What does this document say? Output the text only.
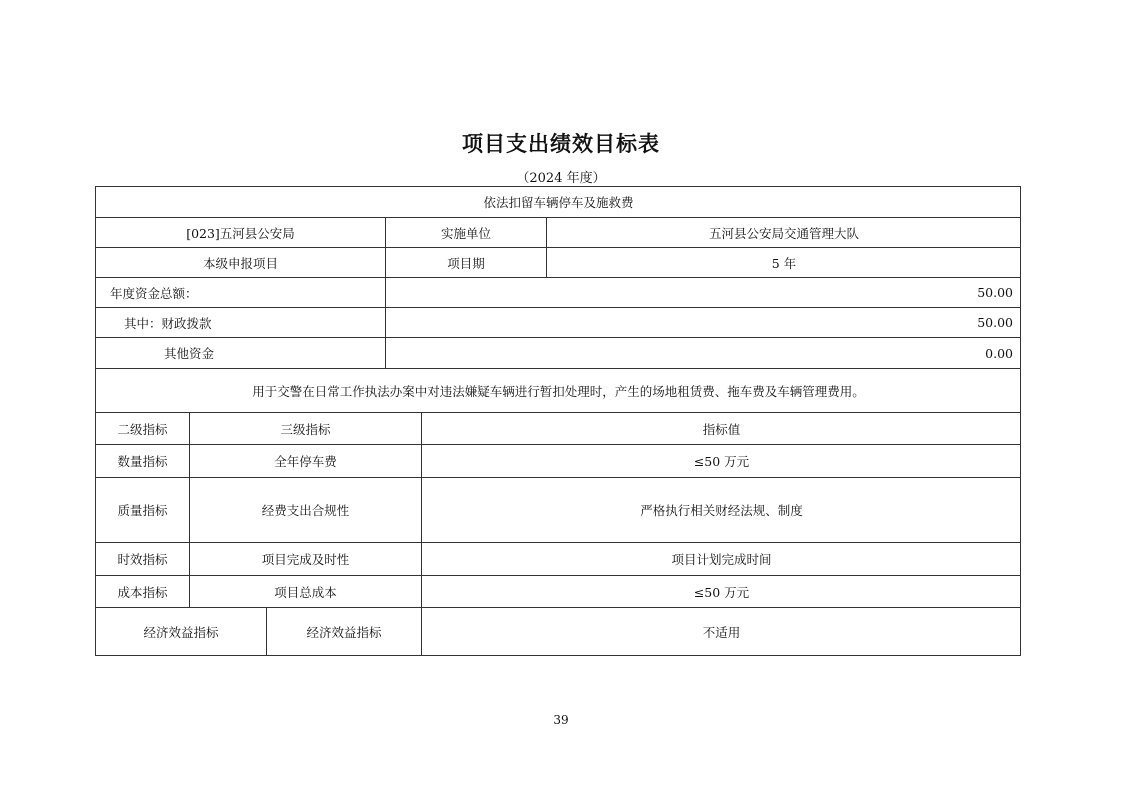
项目支出绩效目标表
（2024 年度）
依法扣留车辆停车及施救费
[023]五河县公安局	实施单位	五河县公安局交通管理大队
本级申报项目	项目期	5 年
年度资金总额：	50.00
其中：财政拨款	50.00
其他资金	0.00
用于交警在日常工作执法办案中对违法嫌疑车辆进行暂扣处理时，产生的场地租赁费、拖车费及车辆管理费用。
二级指标	三级指标	指标值
数量指标	全年停车费	≤50 万元
质量指标	经费支出合规性	严格执行相关财经法规、制度
时效指标	项目完成及时性	项目计划完成时间
成本指标	项目总成本	≤50 万元
经济效益指标	经济效益指标	不适用
39
